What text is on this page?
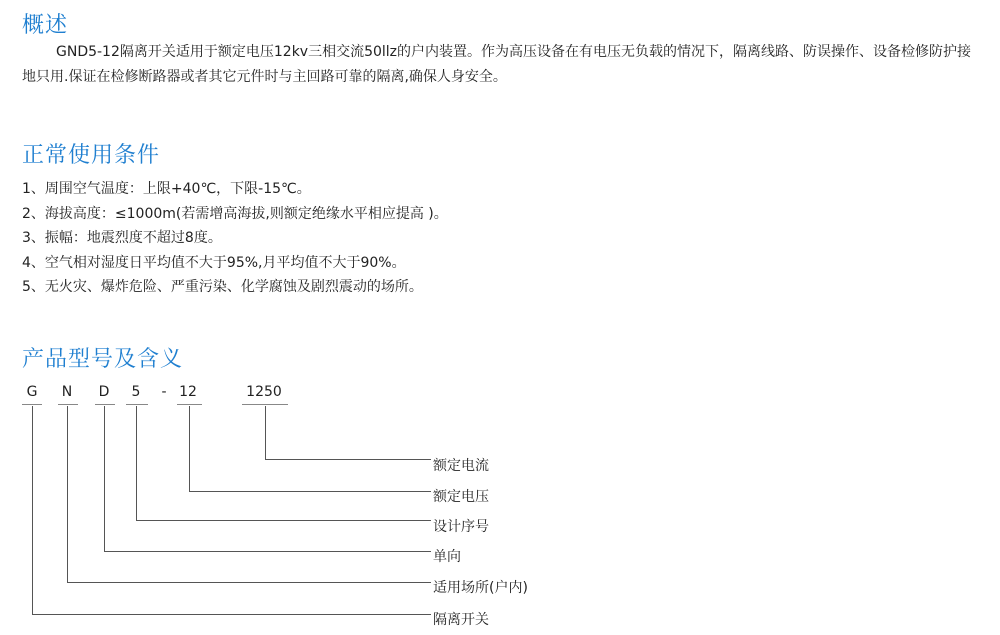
概述

GND5-12隔离开关适用于额定电压12kv三相交流50llz的户内装置。作为高压设备在有电压无负载的情况下，隔离线路、防误操作、设备检修防护接地只用.保证在检修断路器或者其它元件时与主回路可靠的隔离,确保人身安全。

正常使用条件
1、周围空气温度：上限+40℃，下限-15℃。
2、海拔高度：≤1000m(若需增高海拔,则额定绝缘水平相应提高 )。
3、振幅：地震烈度不超过8度。
4、空气相对湿度日平均值不大于95%,月平均值不大于90%。
5、无火灾、爆炸危险、严重污染、化学腐蚀及剧烈震动的场所。
产品型号及含义
G	N	D	5	- 12	1250
额定电流
额定电压
设计序号
单向
适用场所(户内)
隔离开关
